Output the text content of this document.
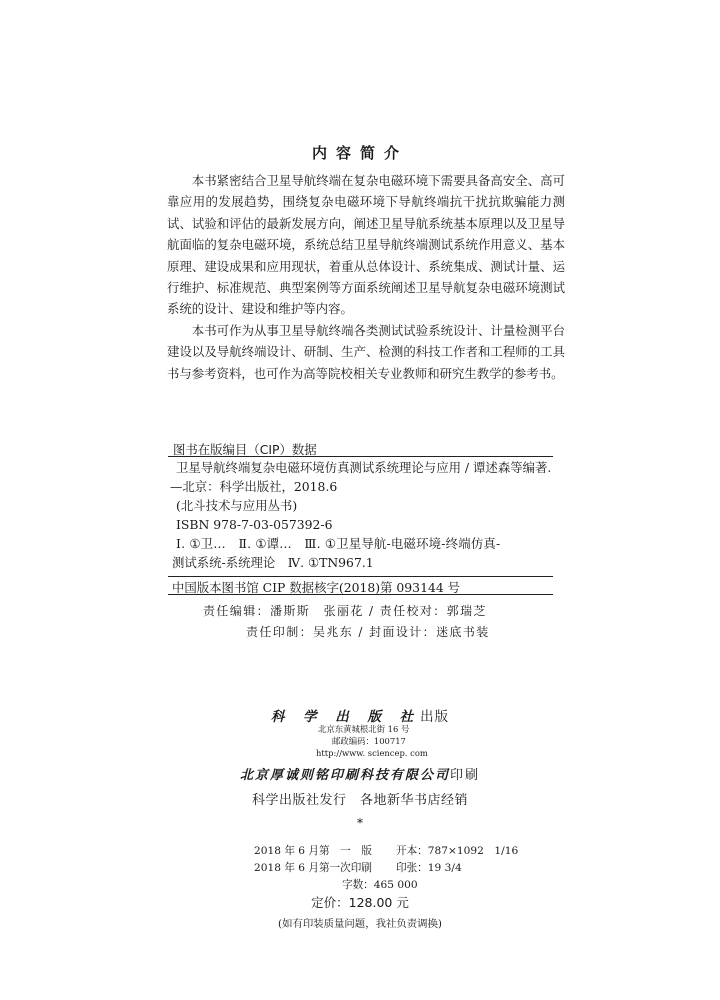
内容简介

本书紧密结合卫星导航终端在复杂电磁环境下需要具备高安全、高可靠应用的发展趋势，围绕复杂电磁环境下导航终端抗干扰抗欺骗能力测试、试验和评估的最新发展方向，阐述卫星导航系统基本原理以及卫星导航面临的复杂电磁环境，系统总结卫星导航终端测试系统作用意义、基本原理、建设成果和应用现状，着重从总体设计、系统集成、测试计量、运行维护、标准规范、典型案例等方面系统阐述卫星导航复杂电磁环境测试系统的设计、建设和维护等内容。

本书可作为从事卫星导航终端各类测试试验系统设计、计量检测平台建设以及导航终端设计、研制、生产、检测的科技工作者和工程师的工具书与参考资料，也可作为高等院校相关专业教师和研究生教学的参考书。

图书在版编目（CIP）数据
卫星导航终端复杂电磁环境仿真测试系统理论与应用 / 谭述森等编著.
—北京：科学出版社，2018.6
(北斗技术与应用丛书)
ISBN 978-7-03-057392-6
Ⅰ. ①卫…　Ⅱ. ①谭…　Ⅲ. ①卫星导航-电磁环境-终端仿真-
测试系统-系统理论　Ⅳ. ①TN967.1
中国版本图书馆 CIP 数据核字(2018)第 093144 号
责任编辑：潘斯斯　张丽花 / 责任校对：郭瑞芝
责任印制：吴兆东 / 封面设计：迷底书装
科 学 出 版 社出版
北京东黄城根北街 16 号
邮政编码：100717
http://www. sciencep. com
北京厚诚则铭印刷科技有限公司印刷
科学出版社发行　各地新华书店经销
*
2018 年 6 月第　一　版 开本：787×1092　1/16
2018 年 6 月第一次印刷 印张：19 3/4
字数：465 000
定价：128.00 元
(如有印装质量问题，我社负责调换)
